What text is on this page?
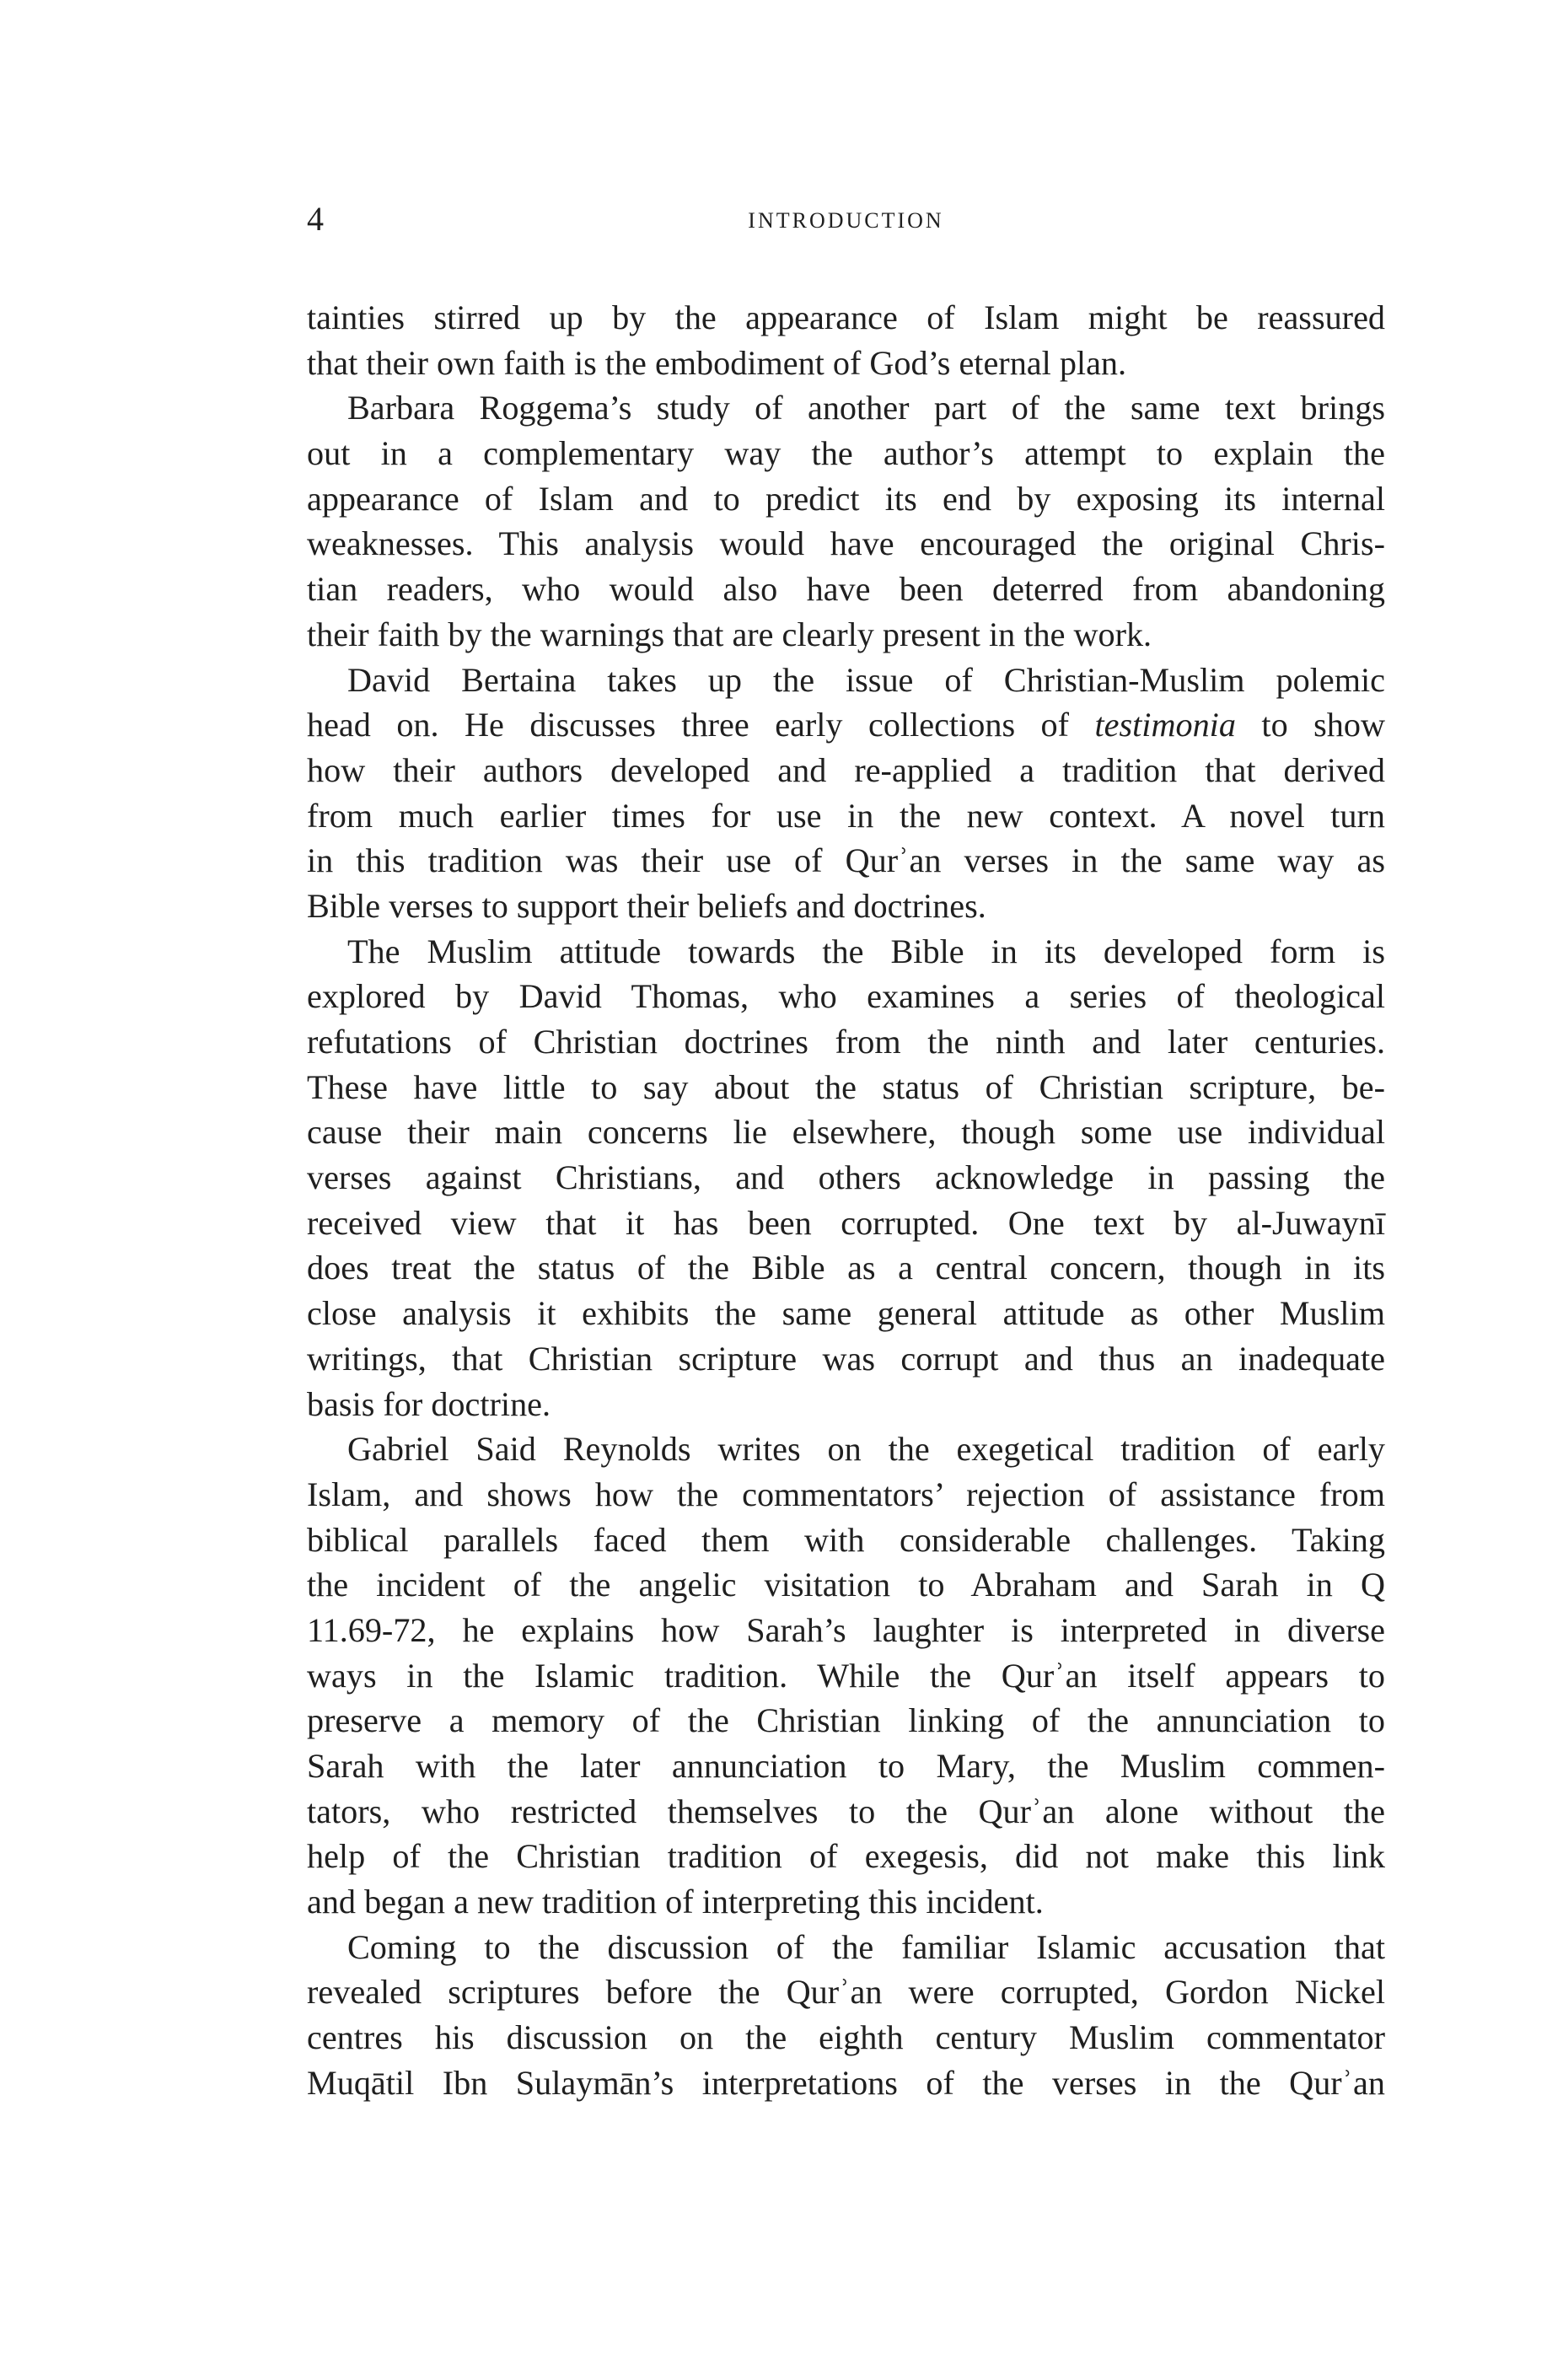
4	INTRODUCTION

tainties stirred up by the appearance of Islam might be reassured
that their own faith is the embodiment of God’s eternal plan.

Barbara Roggema’s study of another part of the same text brings
out in a complementary way the author’s attempt to explain the
appearance of Islam and to predict its end by exposing its internal
weaknesses. This analysis would have encouraged the original Chris-
tian readers, who would also have been deterred from abandoning
their faith by the warnings that are clearly present in the work.

David Bertaina takes up the issue of Christian-Muslim polemic
head on. He discusses three early collections of testimonia to show
how their authors developed and re-applied a tradition that derived
from much earlier times for use in the new context. A novel turn
in this tradition was their use of Qurʾan verses in the same way as
Bible verses to support their beliefs and doctrines.

The Muslim attitude towards the Bible in its developed form is
explored by David Thomas, who examines a series of theological
refutations of Christian doctrines from the ninth and later centuries.
These have little to say about the status of Christian scripture, be-
cause their main concerns lie elsewhere, though some use individual
verses against Christians, and others acknowledge in passing the
received view that it has been corrupted. One text by al-Juwaynī
does treat the status of the Bible as a central concern, though in its
close analysis it exhibits the same general attitude as other Muslim
writings, that Christian scripture was corrupt and thus an inadequate
basis for doctrine.

Gabriel Said Reynolds writes on the exegetical tradition of early
Islam, and shows how the commentators’ rejection of assistance from
biblical parallels faced them with considerable challenges. Taking
the incident of the angelic visitation to Abraham and Sarah in Q
11.69-72, he explains how Sarah’s laughter is interpreted in diverse
ways in the Islamic tradition. While the Qurʾan itself appears to
preserve a memory of the Christian linking of the annunciation to
Sarah with the later annunciation to Mary, the Muslim commen-
tators, who restricted themselves to the Qurʾan alone without the
help of the Christian tradition of exegesis, did not make this link
and began a new tradition of interpreting this incident.

Coming to the discussion of the familiar Islamic accusation that
revealed scriptures before the Qurʾan were corrupted, Gordon Nickel
centres his discussion on the eighth century Muslim commentator
Muqātil Ibn Sulaymān’s interpretations of the verses in the Qurʾan
